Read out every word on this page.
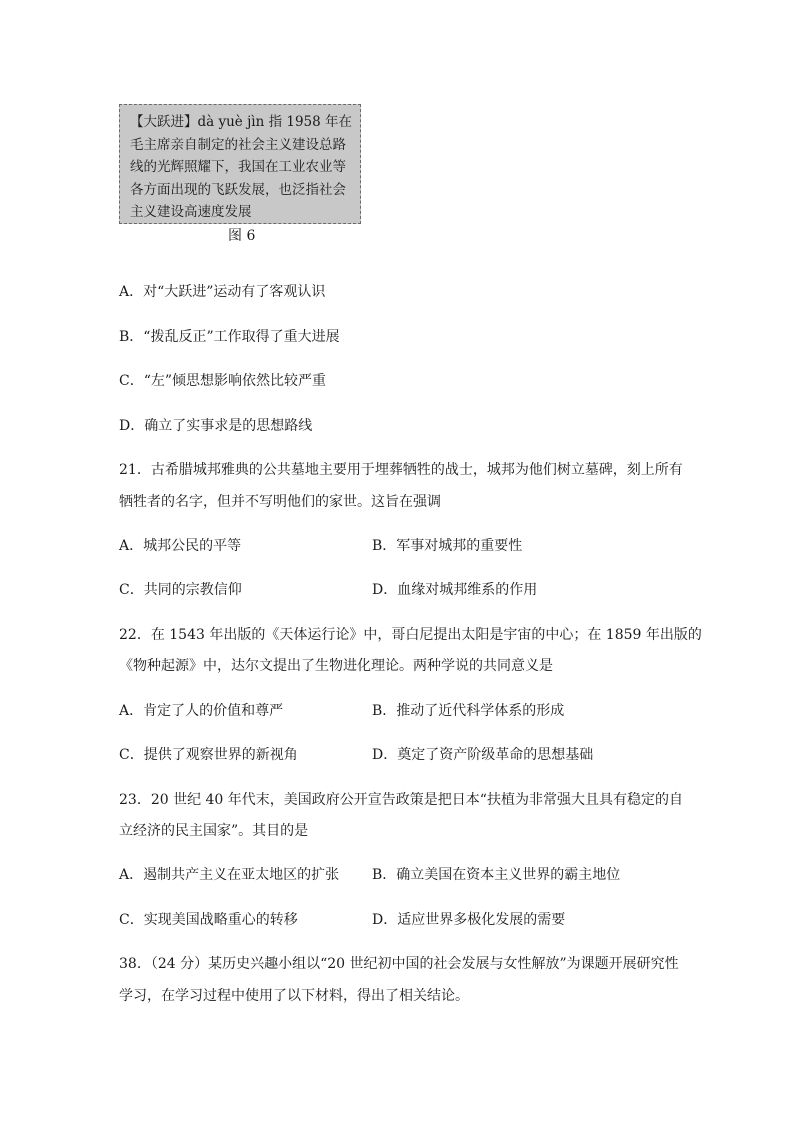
【大跃进】dà yuè jìn 指 1958 年在毛主席亲自制定的社会主义建设总路线的光辉照耀下，我国在工业农业等各方面出现的飞跃发展，也泛指社会主义建设高速度发展
图 6
A．对“大跃进”运动有了客观认识
B．“拨乱反正”工作取得了重大进展
C．“左”倾思想影响依然比较严重
D．确立了实事求是的思想路线
21．古希腊城邦雅典的公共墓地主要用于埋葬牺牲的战士，城邦为他们树立墓碑，刻上所有
牺牲者的名字，但并不写明他们的家世。这旨在强调
A．城邦公民的平等	B．军事对城邦的重要性
C．共同的宗教信仰	D．血缘对城邦维系的作用
22．在 1543 年出版的《天体运行论》中，哥白尼提出太阳是宇宙的中心；在 1859 年出版的
《物种起源》中，达尔文提出了生物进化理论。两种学说的共同意义是
A．肯定了人的价值和尊严	B．推动了近代科学体系的形成
C．提供了观察世界的新视角	D．奠定了资产阶级革命的思想基础
23．20 世纪 40 年代末，美国政府公开宣告政策是把日本“扶植为非常强大且具有稳定的自
立经济的民主国家”。其目的是
A．遏制共产主义在亚太地区的扩张 B．确立美国在资本主义世界的霸主地位
C．实现美国战略重心的转移	D．适应世界多极化发展的需要
38．（24 分）某历史兴趣小组以“20 世纪初中国的社会发展与女性解放”为课题开展研究性
学习，在学习过程中使用了以下材料，得出了相关结论。
